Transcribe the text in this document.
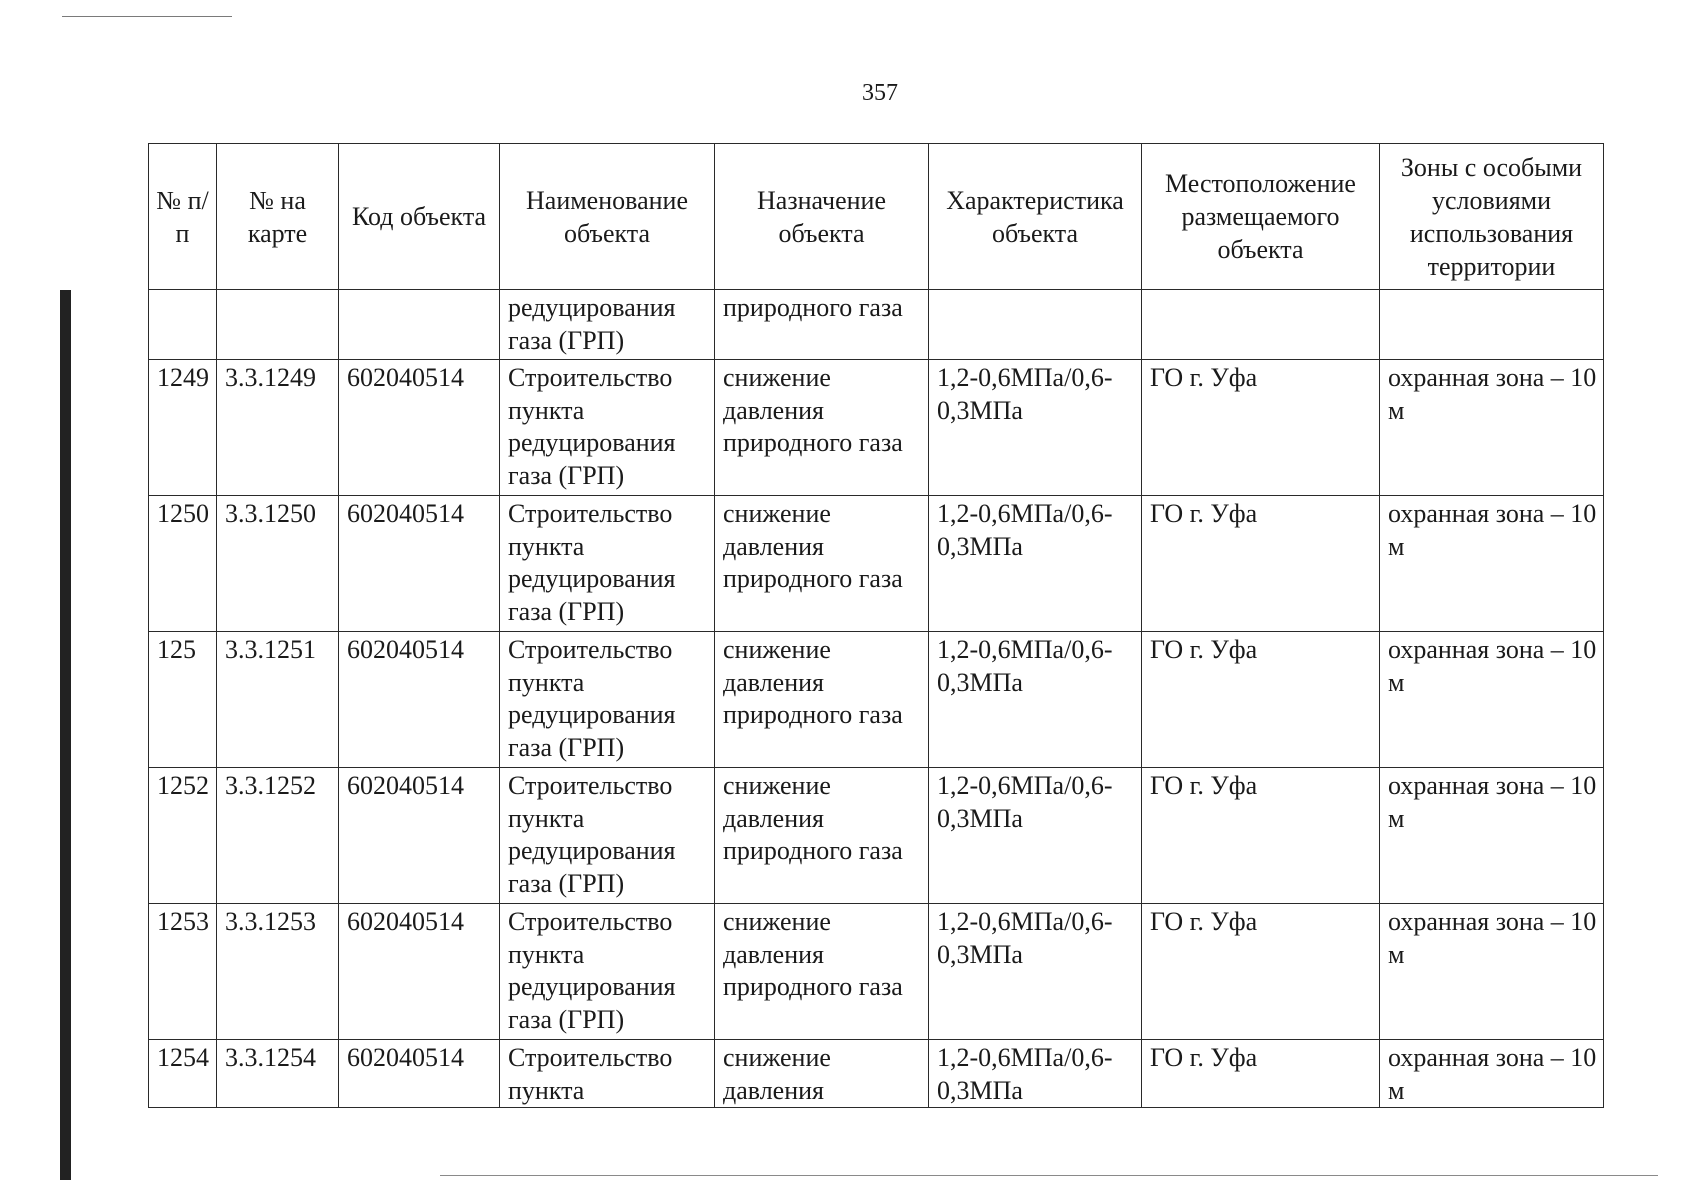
357
№ п/п	№ на карте	Код объекта	Наименование объекта	Назначение объекта	Характеристика объекта	Местоположение размещаемого объекта	Зоны с особыми условиями использования территории
			редуцирования газа (ГРП)	природного газа			
1249	3.3.1249	602040514	Строительство пункта редуцирования газа (ГРП)	снижение давления природного газа	1,2-0,6МПа/0,6-0,3МПа	ГО г. Уфа	охранная зона – 10 м
1250	3.3.1250	602040514	Строительство пункта редуцирования газа (ГРП)	снижение давления природного газа	1,2-0,6МПа/0,6-0,3МПа	ГО г. Уфа	охранная зона – 10 м
125	3.3.1251	602040514	Строительство пункта редуцирования газа (ГРП)	снижение давления природного газа	1,2-0,6МПа/0,6-0,3МПа	ГО г. Уфа	охранная зона – 10 м
1252	3.3.1252	602040514	Строительство пункта редуцирования газа (ГРП)	снижение давления природного газа	1,2-0,6МПа/0,6-0,3МПа	ГО г. Уфа	охранная зона – 10 м
1253	3.3.1253	602040514	Строительство пункта редуцирования газа (ГРП)	снижение давления природного газа	1,2-0,6МПа/0,6-0,3МПа	ГО г. Уфа	охранная зона – 10 м
1254	3.3.1254	602040514	Строительство пункта	снижение давления	1,2-0,6МПа/0,6-0,3МПа	ГО г. Уфа	охранная зона – 10 м
